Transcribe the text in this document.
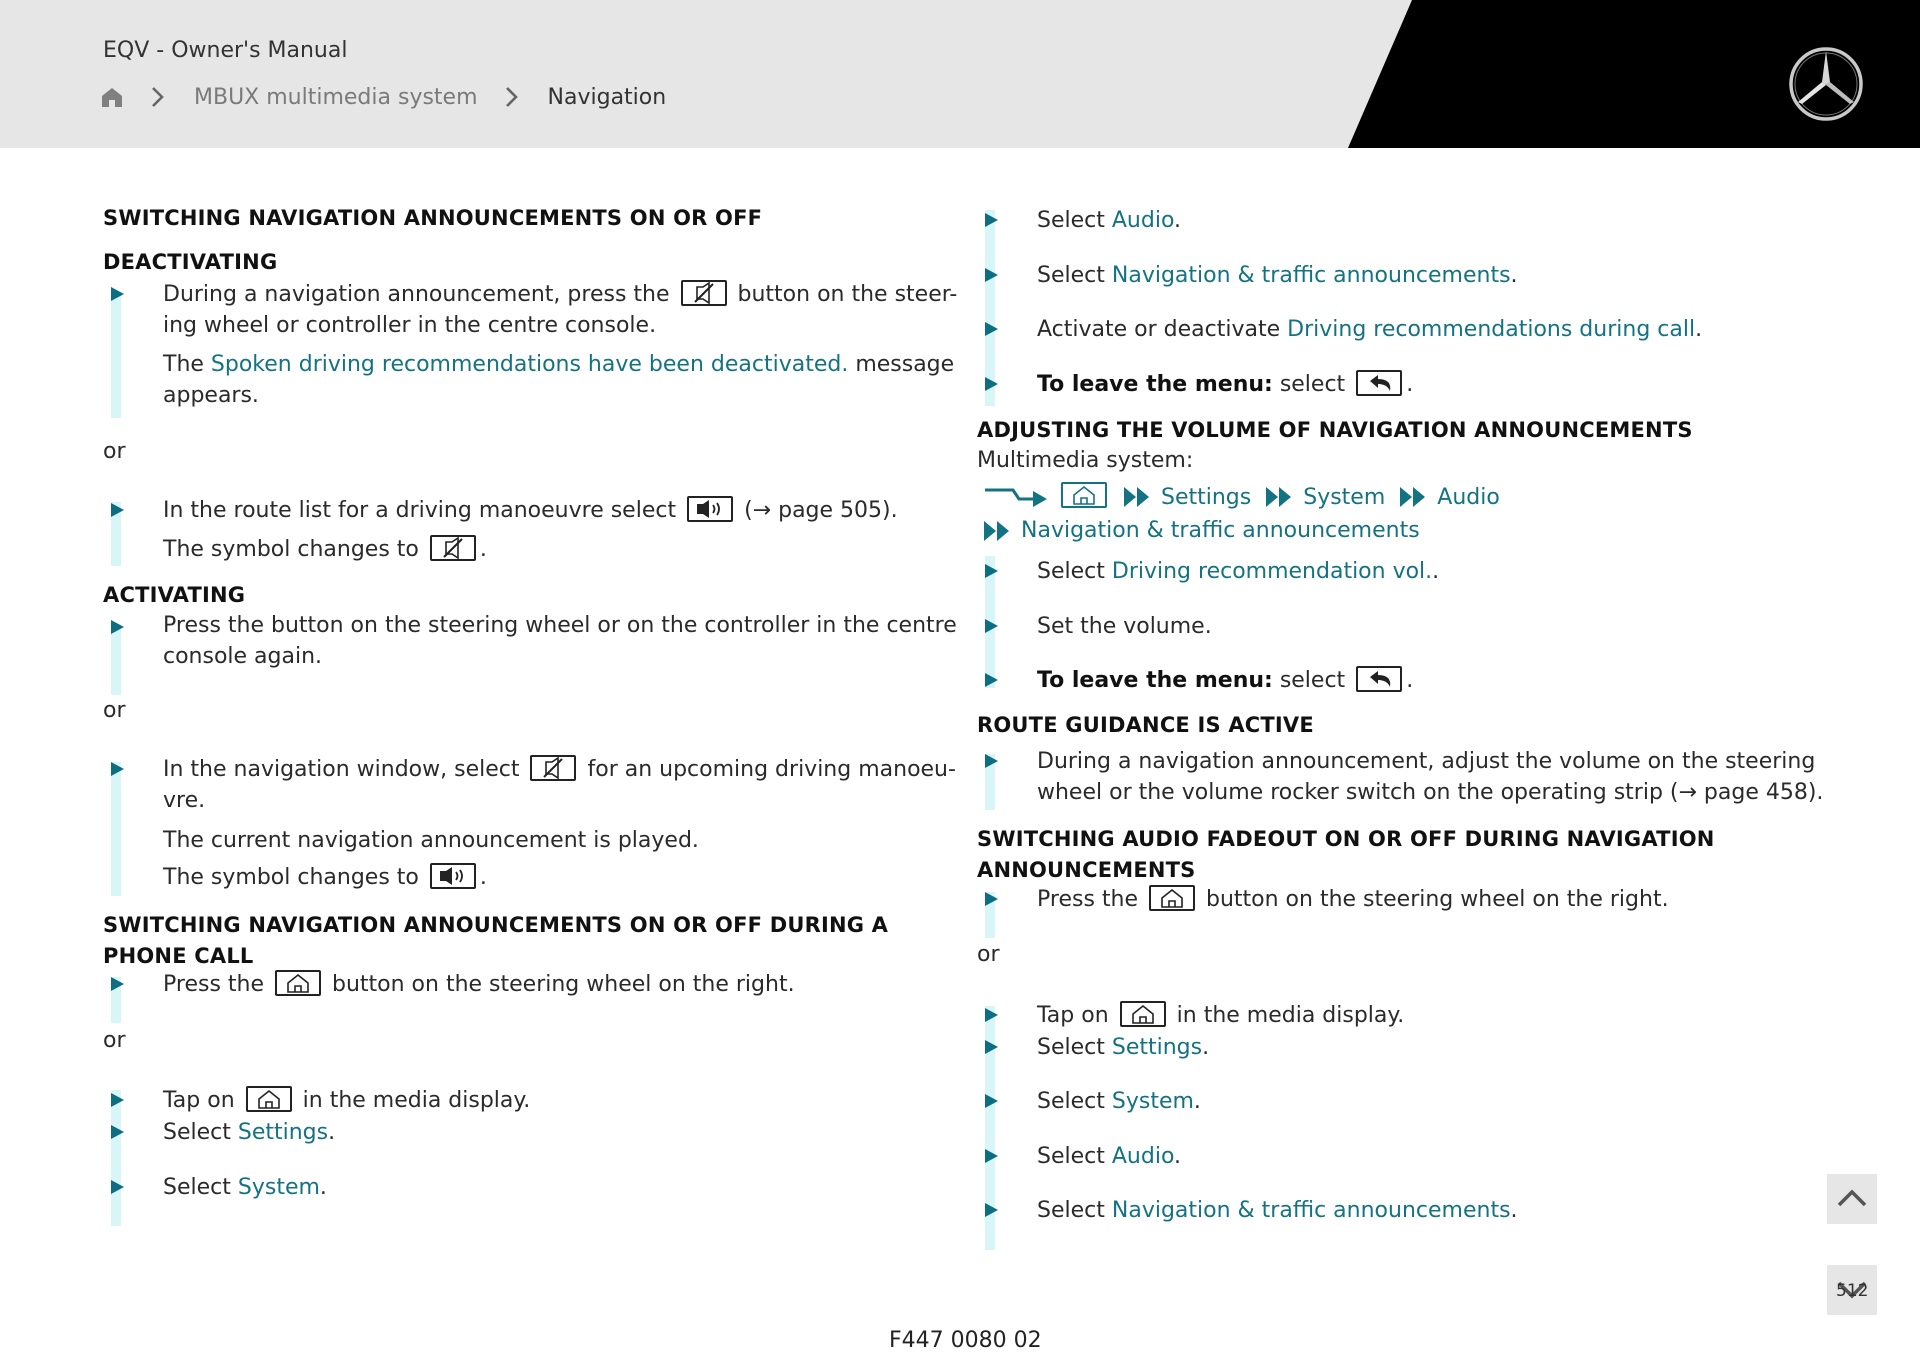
EQV - Owner's Manual
MBUX multimedia system	Navigation
SWITCHING NAVIGATION ANNOUNCEMENTS ON OR OFF
DEACTIVATING
During a navigation announcement, press the	button on the steer-
ing wheel or controller in the centre console.
The Spoken driving recommendations have been deactivated. message
appears.
or
In the route list for a driving manoeuvre select	(→ page 505).
The symbol changes to	.
ACTIVATING
Press the button on the steering wheel or on the controller in the centre
console again.
or
In the navigation window, select	for an upcoming driving manoeu-
vre.
The current navigation announcement is played.
The symbol changes to	.
SWITCHING NAVIGATION ANNOUNCEMENTS ON OR OFF DURING A
PHONE CALL
Press the	button on the steering wheel on the right.
or
Tap on	in the media display.
Select Settings.
Select System.
Select Audio.
Select Navigation & traffic announcements.
Activate or deactivate Driving recommendations during call.
To leave the menu: select	.
ADJUSTING THE VOLUME OF NAVIGATION ANNOUNCEMENTS
Multimedia system:
Settings System Audio
Navigation & traffic announcements
Select Driving recommendation vol..
Set the volume.
To leave the menu: select	.
ROUTE GUIDANCE IS ACTIVE
During a navigation announcement, adjust the volume on the steering
wheel or the volume rocker switch on the operating strip (→ page 458).
SWITCHING AUDIO FADEOUT ON OR OFF DURING NAVIGATION
ANNOUNCEMENTS
Press the	button on the steering wheel on the right.
or
Tap on	in the media display.
Select Settings.
Select System.
Select Audio.
Select Navigation & traffic announcements.
512
F447 0080 02
